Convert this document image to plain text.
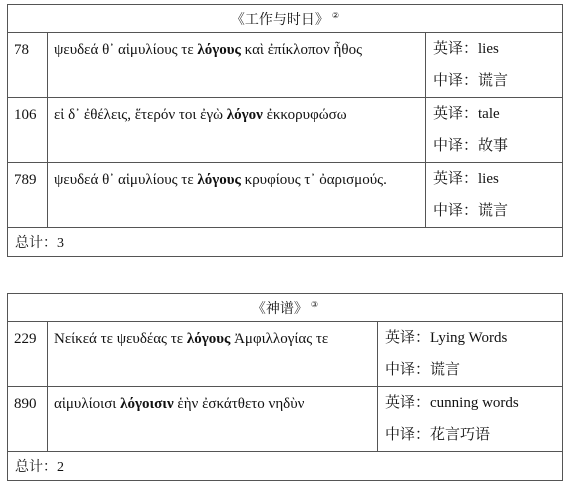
《工作与时日》 ②
78	ψευδεά θ᾽ αἱμυλίους τε λόγους καὶ ἐπίκλοπον ἦθος	英译：lies
中译：谎言

106	εἰ δ᾽ ἐθέλεις, ἕτερόν τοι ἐγὼ λόγον ἐκκορυφώσω	英译：tale
中译：故事

789	ψευδεά θ᾽ αἱμυλίους τε λόγους κρυφίους τ᾽ ὀαρισμούς.	英译：lies
中译：谎言

总计：3		
《神谱》 ③
229	Νείκεά τε ψευδέας τε λόγους Ἀμφιλλογίας τε	英译：Lying Words
中译：谎言

890	αἱμυλίοισι λόγοισιν ἑὴν ἐσκάτθετο νηδὺν	英译：cunning words
中译：花言巧语

总计：2		
